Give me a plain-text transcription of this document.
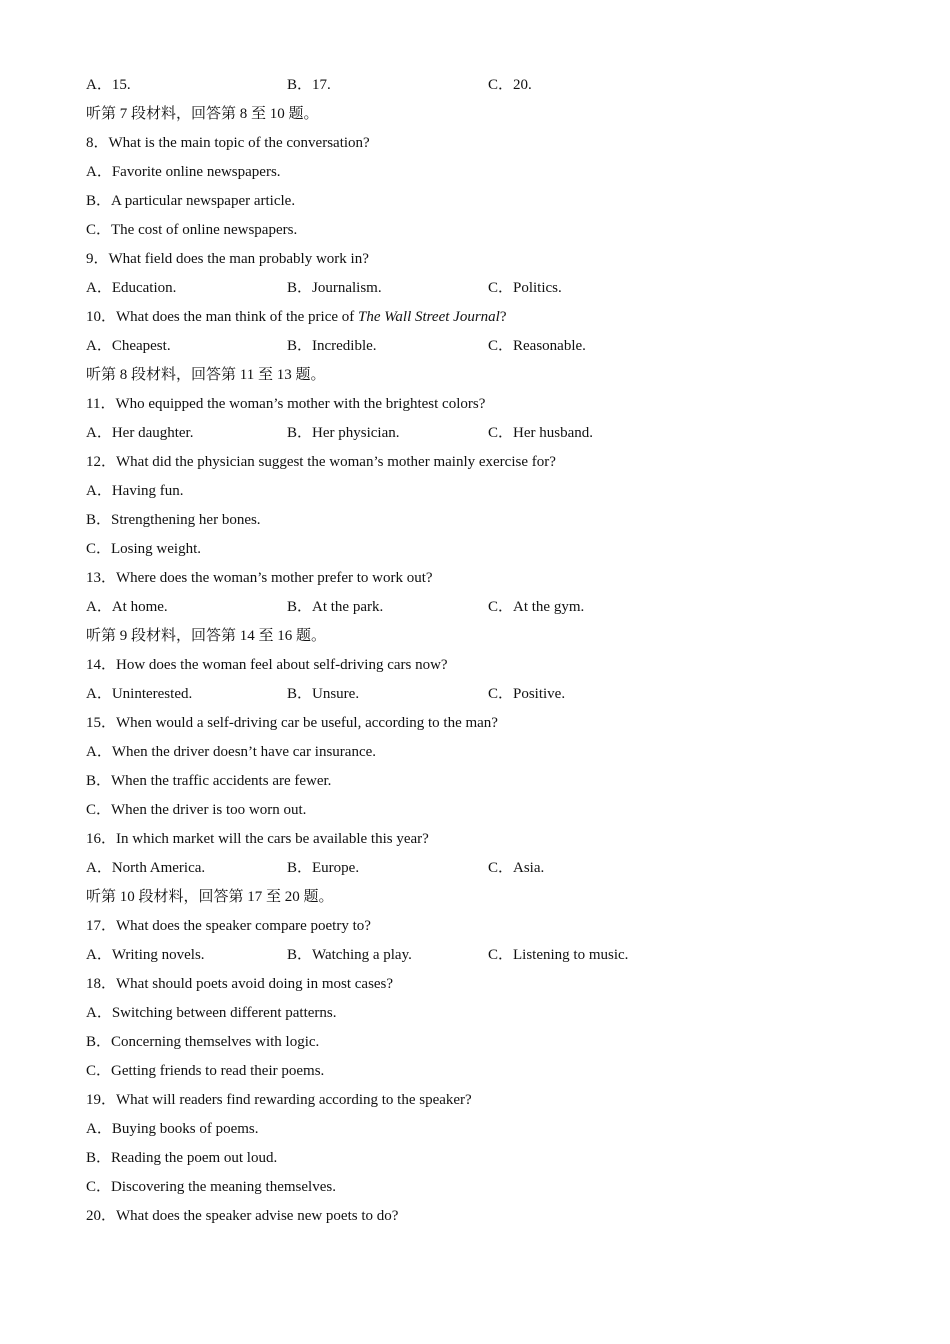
A．15.	B．17.	C．20.
听第 7 段材料，回答第 8 至 10 题。
8．What is the main topic of the conversation?
A．Favorite online newspapers.
B．A particular newspaper article.
C．The cost of online newspapers.
9．What field does the man probably work in?
A．Education.	B．Journalism.	C．Politics.
10．What does the man think of the price of The Wall Street Journal?
A．Cheapest.	B．Incredible.	C．Reasonable.
听第 8 段材料，回答第 11 至 13 题。
11．Who equipped the woman’s mother with the brightest colors?
A．Her daughter.	B．Her physician.	C．Her husband.
12．What did the physician suggest the woman’s mother mainly exercise for?
A．Having fun.
B．Strengthening her bones.
C．Losing weight.
13．Where does the woman’s mother prefer to work out?
A．At home.	B．At the park.	C．At the gym.
听第 9 段材料，回答第 14 至 16 题。
14．How does the woman feel about self-driving cars now?
A．Uninterested.	B．Unsure.	C．Positive.
15．When would a self-driving car be useful, according to the man?
A．When the driver doesn’t have car insurance.
B．When the traffic accidents are fewer.
C．When the driver is too worn out.
16．In which market will the cars be available this year?
A．North America.	B．Europe.	C．Asia.
听第 10 段材料，回答第 17 至 20 题。
17．What does the speaker compare poetry to?
A．Writing novels.	B．Watching a play.	C．Listening to music.
18．What should poets avoid doing in most cases?
A．Switching between different patterns.
B．Concerning themselves with logic.
C．Getting friends to read their poems.
19．What will readers find rewarding according to the speaker?
A．Buying books of poems.
B．Reading the poem out loud.
C．Discovering the meaning themselves.
20．What does the speaker advise new poets to do?
